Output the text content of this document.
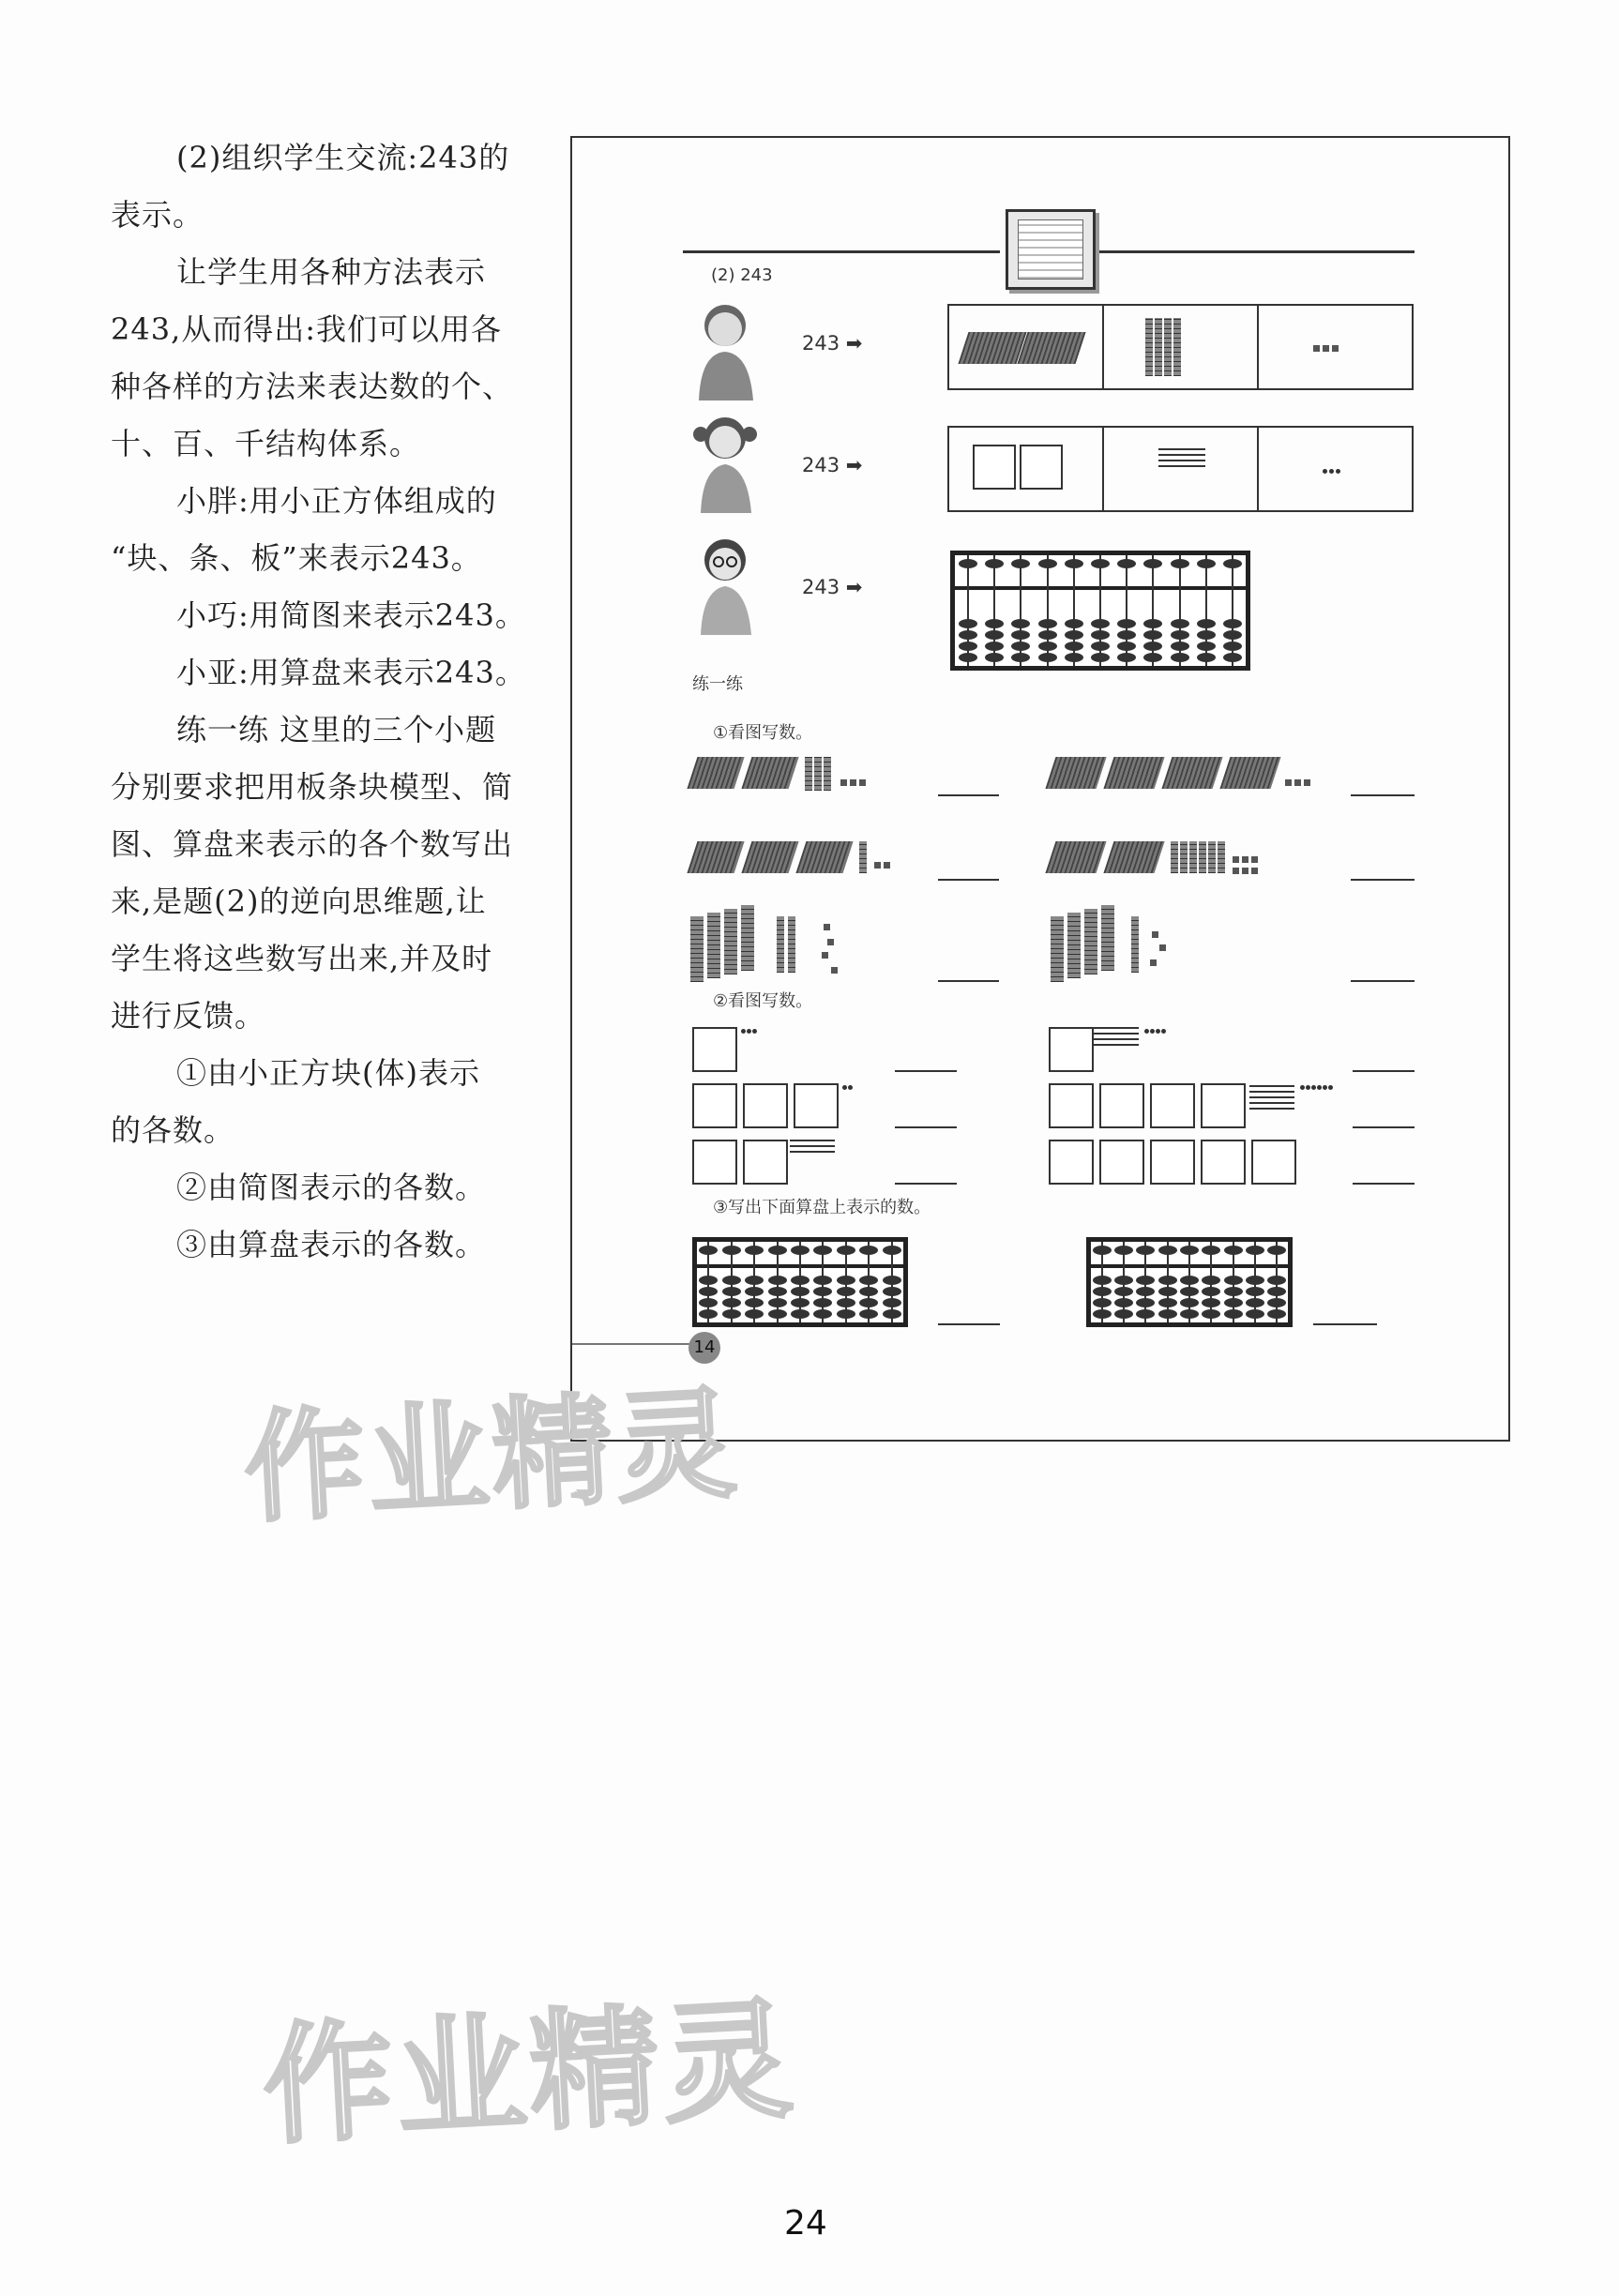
(2)组织学生交流:243的

表示。

让学生用各种方法表示

243,从而得出:我们可以用各

种各样的方法来表达数的个、

十、百、千结构体系。

小胖:用小正方体组成的

“块、条、板”来表示243。

小巧:用简图来表示243。

小亚:用算盘来表示243。

练一练 这里的三个小题

分别要求把用板条块模型、简

图、算盘来表示的各个数写出

来,是题(2)的逆向思维题,让

学生将这些数写出来,并及时

进行反馈。

①由小正方块(体)表示

的各数。

②由简图表示的各数。

③由算盘表示的各数。

(2) 243
243 ➡
243 ➡
243 ➡
练一练
①看图写数。
②看图写数。
③写出下面算盘上表示的数。
14
作业精灵
作业精灵
24
